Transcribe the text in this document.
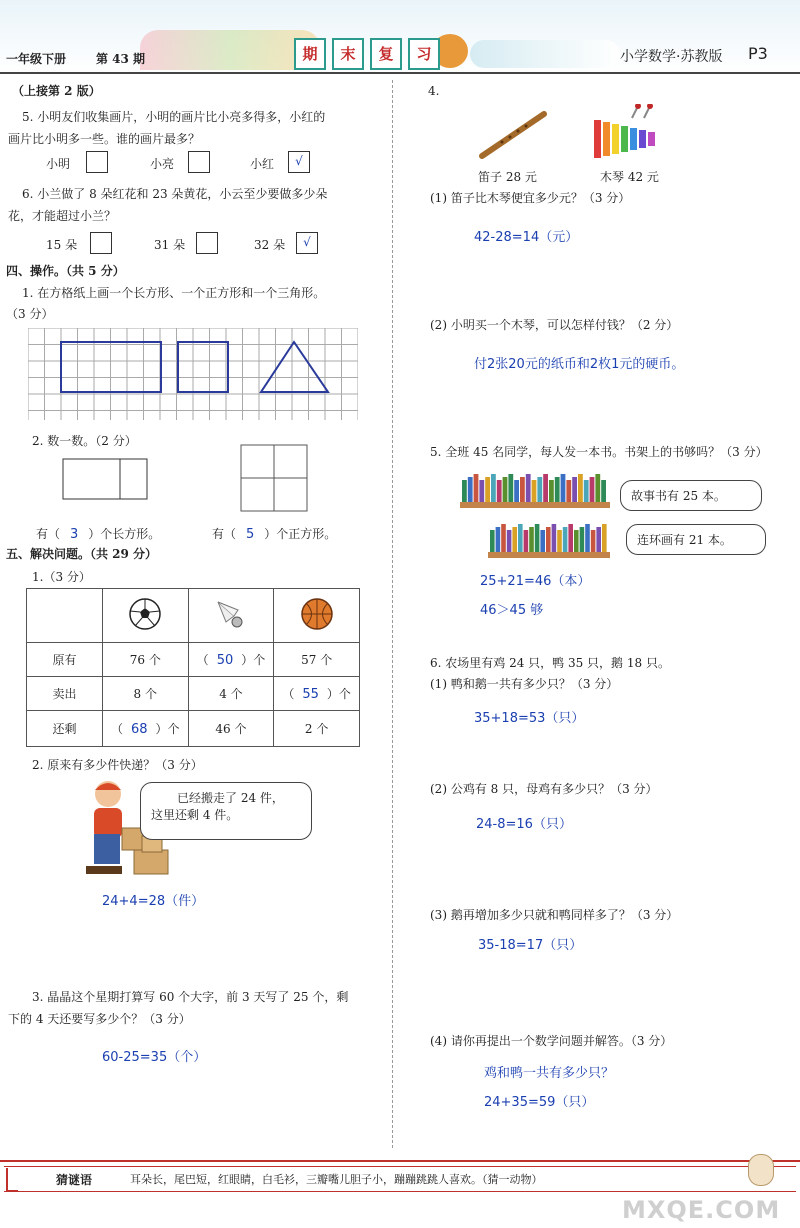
一年级下册 第 43 期	期	末	复	习	小学数学·苏教版 P3
（上接第 2 版）
5. 小明友们收集画片，小明的画片比小亮多得多，小红的
画片比小明多一些。谁的画片最多？
小明	小亮	小红	√
6. 小兰做了 8 朵红花和 23 朵黄花，小云至少要做多少朵
花，才能超过小兰？
15 朵	31 朵	32 朵	√
四、操作。（共 5 分）
1. 在方格纸上画一个长方形、一个正方形和一个三角形。
（3 分）
2. 数一数。（2 分）
有（ 3 ）个长方形。	有（ 5 ）个正方形。
五、解决问题。（共 29 分）
1.（3 分）

原有	76 个	（ 50 ）个	57 个
卖出	8 个	4 个	（ 55 ）个
还剩	（ 68 ）个	46 个	2 个
2. 原来有多少件快递？（3 分）
已经搬走了 24 件，
这里还剩 4 件。
24+4=28（件）
3. 晶晶这个星期打算写 60 个大字，前 3 天写了 25 个，剩
下的 4 天还要写多少个？（3 分）
60-25=35（个）
4.
笛子 28 元	木琴 42 元
(1) 笛子比木琴便宜多少元？（3 分）
42-28=14（元）
(2) 小明买一个木琴，可以怎样付钱？（2 分）
付2张20元的纸币和2枚1元的硬币。
5. 全班 45 名同学，每人发一本书。书架上的书够吗？（3 分）
故事书有 25 本。
连环画有 21 本。
25+21=46（本）
46＞45 够
6. 农场里有鸡 24 只，鸭 35 只，鹅 18 只。
(1) 鸭和鹅一共有多少只？（3 分）
35+18=53（只）
(2) 公鸡有 8 只，母鸡有多少只？（3 分）
24-8=16（只）
(3) 鹅再增加多少只就和鸭同样多了？（3 分）
35-18=17（只）
(4) 请你再提出一个数学问题并解答。（3 分）
鸡和鸭一共有多少只？
24+35=59（只）
猜谜语	耳朵长，尾巴短，红眼睛，白毛衫，三瓣嘴儿胆子小，蹦蹦跳跳人喜欢。（猜一动物）
MXQE.COM
